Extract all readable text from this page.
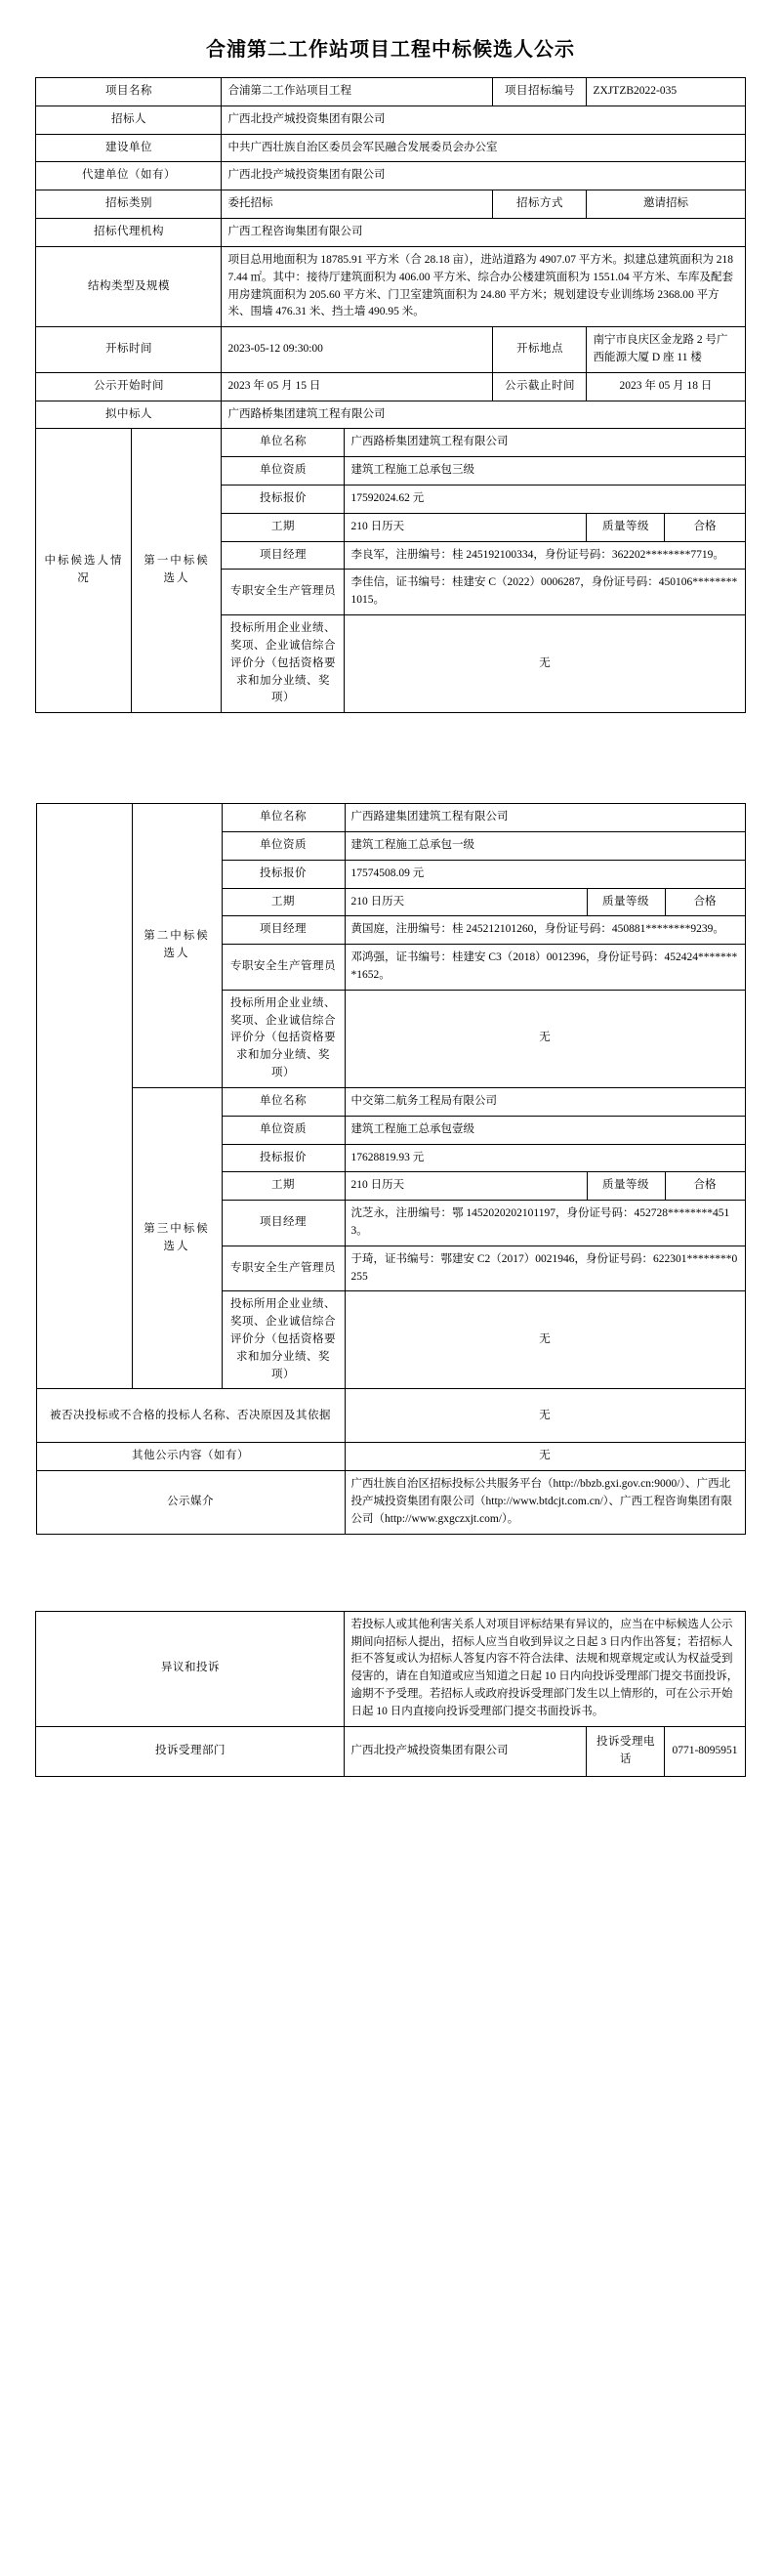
合浦第二工作站项目工程中标候选人公示
项目名称		合浦第二工作站项目工程		项目招标编号	ZXJTZB2022-035	
招标人		广西北投产城投资集团有限公司				
建设单位		中共广西壮族自治区委员会军民融合发展委员会办公室				
代建单位（如有）		广西北投产城投资集团有限公司				
招标类别		委托招标		招标方式	邀请招标	
招标代理机构		广西工程咨询集团有限公司				
结构类型及规模		项目总用地面积为 18785.91 平方米（合 28.18 亩），进站道路为 4907.07 平方米。拟建总建筑面积为 2187.44 ㎡。其中：接待厅建筑面积为 406.00 平方米、综合办公楼建筑面积为 1551.04 平方米、车库及配套用房建筑面积为 205.60 平方米、门卫室建筑面积为 24.80 平方米；规划建设专业训练场 2368.00 平方米、围墙 476.31 米、挡土墙 490.95 米。				
开标时间		2023-05-12 09:30:00		开标地点	南宁市良庆区金龙路 2 号广西能源大厦 D 座 11 楼	
公示开始时间		2023 年 05 月 15 日		公示截止时间	2023 年 05 月 18 日	
拟中标人		广西路桥集团建筑工程有限公司				
中标候选人情况	第一中标候选人	单位名称	广西路桥集团建筑工程有限公司			
		单位资质	建筑工程施工总承包三级			
		投标报价	17592024.62 元			
		工期	210 日历天		质量等级	合格
		项目经理	李良军，注册编号：桂 245192100334，身份证号码：362202********7719。			
		专职安全生产管理员	李佳信，证书编号：桂建安 C（2022）0006287，身份证号码：450106********1015。			
		投标所用企业业绩、奖项、企业诚信综合评价分（包括资格要求和加分业绩、奖项）	无			
	第二中标候选人	单位名称	广西路建集团建筑工程有限公司		
		单位资质	建筑工程施工总承包一级		
		投标报价	17574508.09 元		
		工期	210 日历天	质量等级	合格
		项目经理	黄国庭，注册编号：桂 245212101260，身份证号码：450881********9239。		
		专职安全生产管理员	邓鸿强，证书编号：桂建安 C3（2018）0012396，身份证号码：452424********1652。		
		投标所用企业业绩、奖项、企业诚信综合评价分（包括资格要求和加分业绩、奖项）	无		
	第三中标候选人	单位名称	中交第二航务工程局有限公司		
		单位资质	建筑工程施工总承包壹级		
		投标报价	17628819.93 元		
		工期	210 日历天	质量等级	合格
		项目经理	沈芝永，注册编号：鄂 1452020202101197，身份证号码：452728********4513。		
		专职安全生产管理员	于琦，证书编号：鄂建安 C2（2017）0021946，身份证号码：622301********0255		
		投标所用企业业绩、奖项、企业诚信综合评价分（包括资格要求和加分业绩、奖项）	无		
被否决投标或不合格的投标人名称、否决原因及其依据			无		
其他公示内容（如有）			无		
公示媒介			广西壮族自治区招标投标公共服务平台（http://bbzb.gxi.gov.cn:9000/）、广西北投产城投资集团有限公司（http://www.btdcjt.com.cn/）、广西工程咨询集团有限公司（http://www.gxgczxjt.com/）。		
异议和投诉	若投标人或其他利害关系人对项目评标结果有异议的，应当在中标候选人公示期间向招标人提出，招标人应当自收到异议之日起 3 日内作出答复；若招标人拒不答复或认为招标人答复内容不符合法律、法规和规章规定或认为权益受到侵害的，请在自知道或应当知道之日起 10 日内向投诉受理部门提交书面投诉，逾期不予受理。若招标人或政府投诉受理部门发生以上情形的，可在公示开始日起 10 日内直接向投诉受理部门提交书面投诉书。		
投诉受理部门	广西北投产城投资集团有限公司	投诉受理电话	0771-8095951
